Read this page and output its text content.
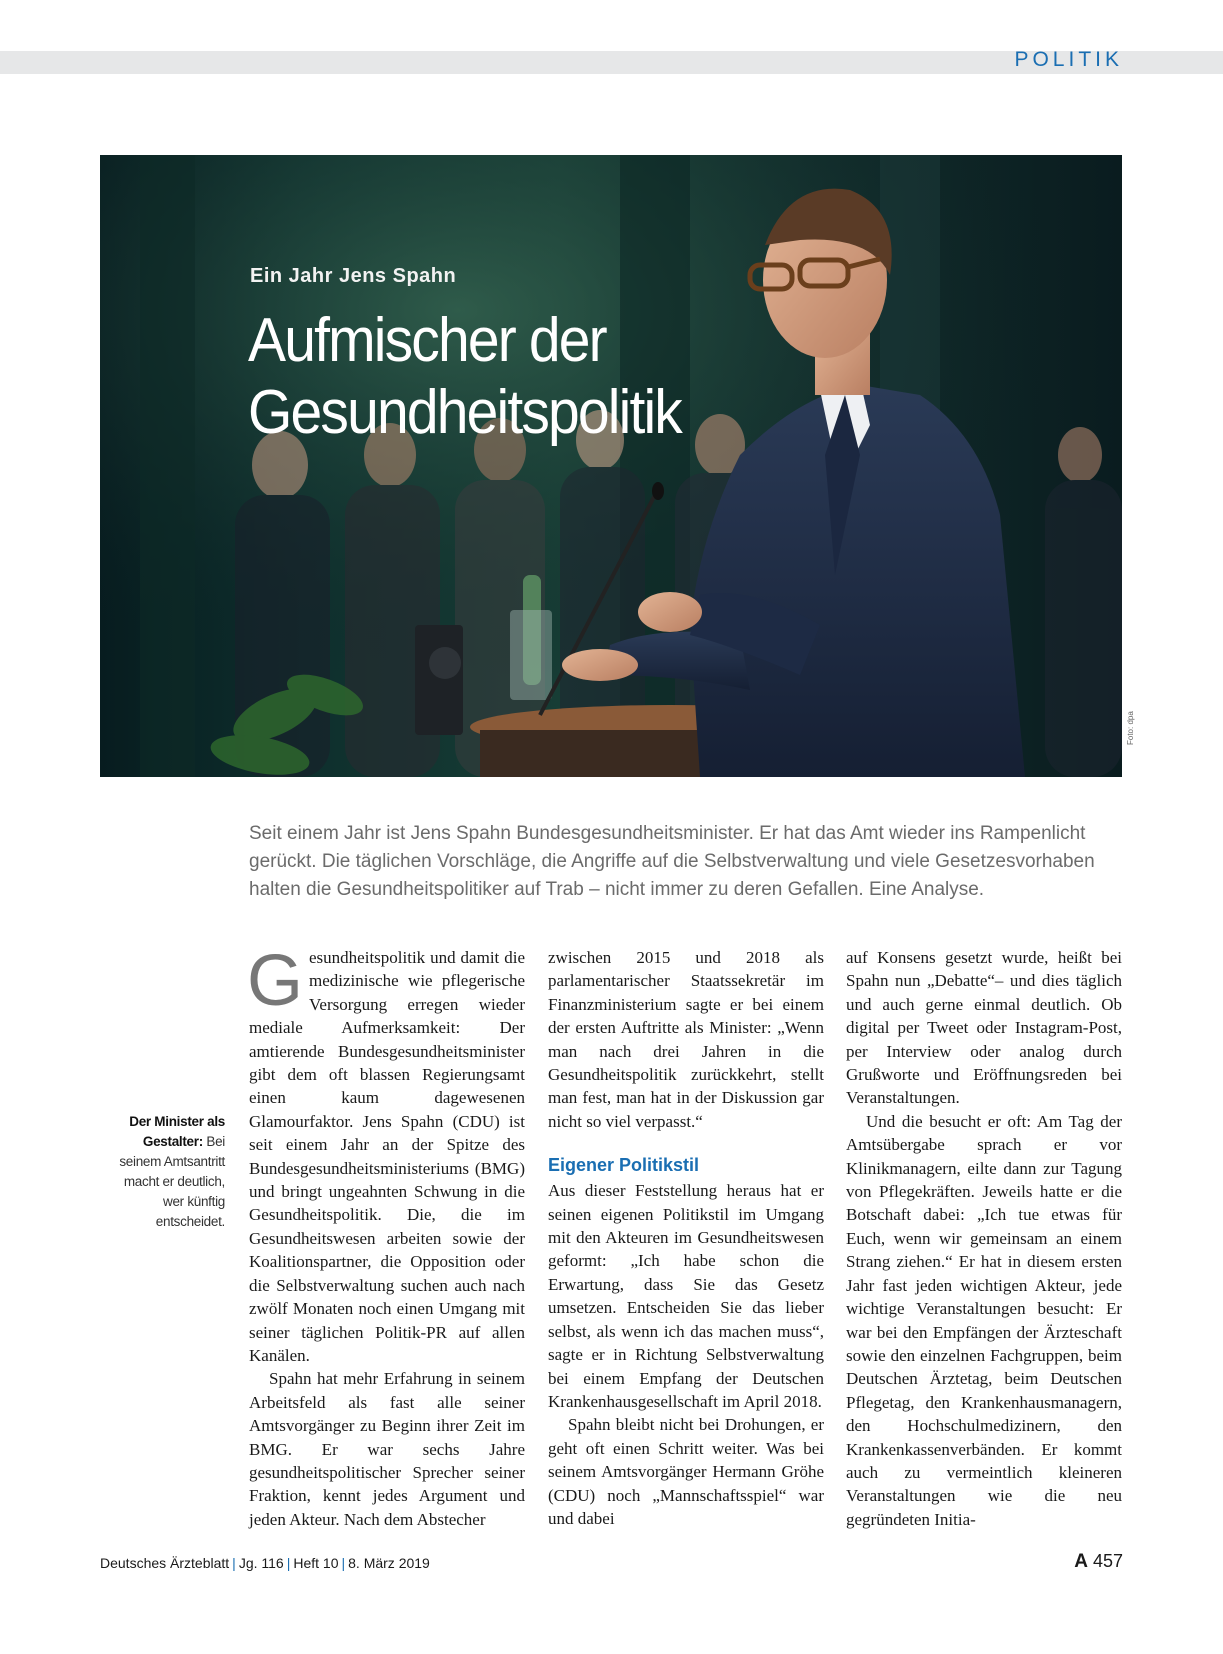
POLITIK
Ein Jahr Jens Spahn
Aufmischer der
Gesundheitspolitik
Foto: dpa
Seit einem Jahr ist Jens Spahn Bundesgesundheitsminister. Er hat das Amt wieder ins Rampenlicht gerückt. Die täglichen Vorschläge, die Angriffe auf die Selbstverwaltung und viele Gesetzesvorhaben halten die Gesundheitspolitiker auf Trab – nicht immer zu deren Gefallen. Eine Analyse.
Der Minister als Gestalter: Bei seinem Amtsantritt macht er deutlich, wer künftig entscheidet.

Gesundheitspolitik und damit die medizinische wie pflegerische Versorgung erregen wieder mediale Aufmerksamkeit: Der amtierende Bundesgesundheitsminister gibt dem oft blassen Regierungsamt einen kaum dagewesenen Glamourfaktor. Jens Spahn (CDU) ist seit einem Jahr an der Spitze des Bundesgesundheitsministeriums (BMG) und bringt ungeahnten Schwung in die Gesundheitspolitik. Die, die im Gesundheitswesen arbeiten sowie der Koalitionspartner, die Opposition oder die Selbstverwaltung suchen auch nach zwölf Monaten noch einen Umgang mit seiner täglichen Politik-PR auf allen Kanälen.

Spahn hat mehr Erfahrung in seinem Arbeitsfeld als fast alle seiner Amtsvorgänger zu Beginn ihrer Zeit im BMG. Er war sechs Jahre gesundheitspolitischer Sprecher seiner Fraktion, kennt jedes Argument und jeden Akteur. Nach dem Abstecher

zwischen 2015 und 2018 als parlamentarischer Staatssekretär im Finanzministerium sagte er bei einem der ersten Auftritte als Minister: „Wenn man nach drei Jahren in die Gesundheitspolitik zurückkehrt, stellt man fest, man hat in der Diskussion gar nicht so viel verpasst.“

Eigener Politikstil

Aus dieser Feststellung heraus hat er seinen eigenen Politikstil im Umgang mit den Akteuren im Gesundheitswesen geformt: „Ich habe schon die Erwartung, dass Sie das Gesetz umsetzen. Entscheiden Sie das lieber selbst, als wenn ich das machen muss“, sagte er in Richtung Selbstverwaltung bei einem Empfang der Deutschen Krankenhausgesellschaft im April 2018.

Spahn bleibt nicht bei Drohungen, er geht oft einen Schritt weiter. Was bei seinem Amtsvorgänger Hermann Gröhe (CDU) noch „Mannschaftsspiel“ war und dabei

auf Konsens gesetzt wurde, heißt bei Spahn nun „Debatte“– und dies täglich und auch gerne einmal deutlich. Ob digital per Tweet oder Instagram-Post, per Interview oder analog durch Grußworte und Eröffnungsreden bei Veranstaltungen.

Und die besucht er oft: Am Tag der Amtsübergabe sprach er vor Klinikmanagern, eilte dann zur Tagung von Pflegekräften. Jeweils hatte er die Botschaft dabei: „Ich tue etwas für Euch, wenn wir gemeinsam an einem Strang ziehen.“ Er hat in diesem ersten Jahr fast jeden wichtigen Akteur, jede wichtige Veranstaltungen besucht: Er war bei den Empfängen der Ärzteschaft sowie den einzelnen Fachgruppen, beim Deutschen Ärztetag, beim Deutschen Pflegetag, den Krankenhausmanagern, den Hochschulmedizinern, den Krankenkassenverbänden. Er kommt auch zu vermeintlich kleineren Veranstaltungen wie die neu gegründeten Initia-

Deutsches Ärzteblatt | Jg. 116 | Heft 10 | 8. März 2019	A 457
